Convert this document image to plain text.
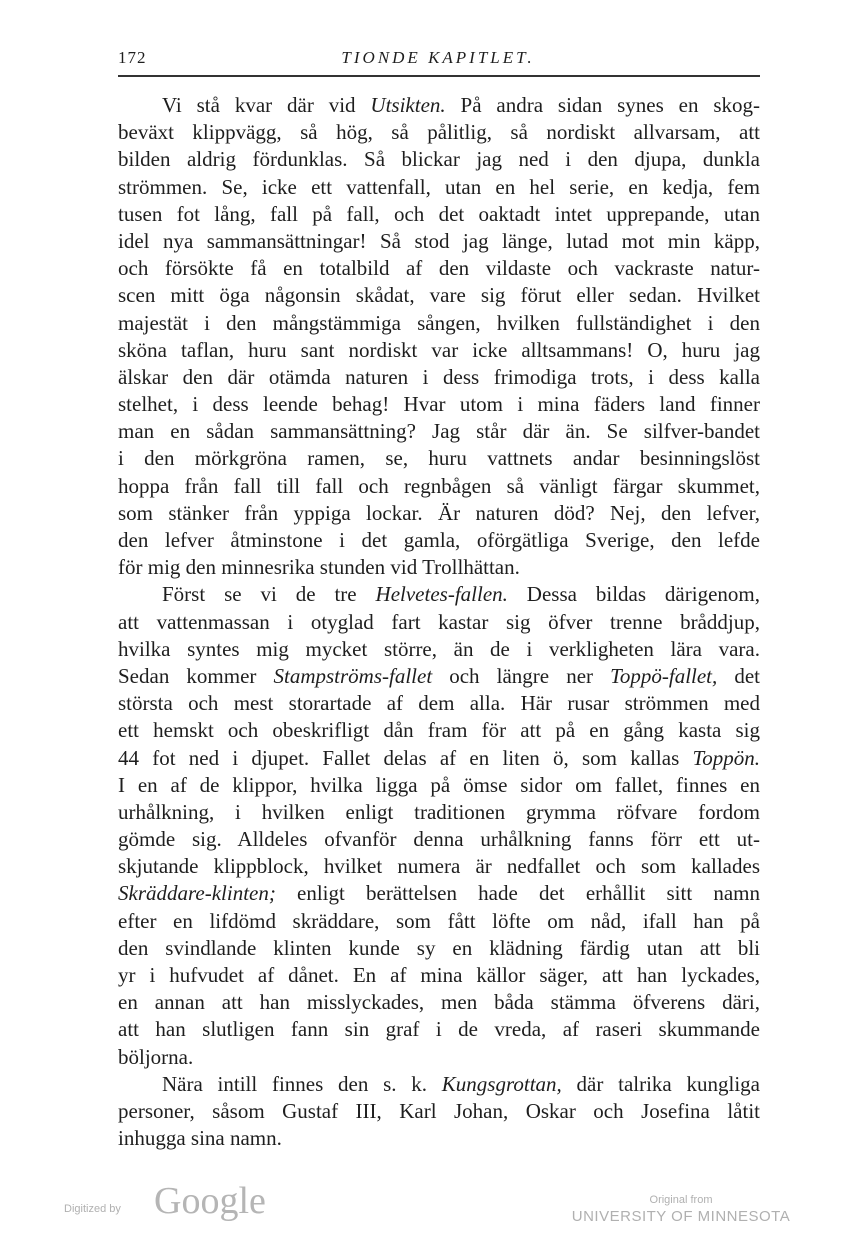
172	TIONDE KAPITLET.
Vi stå kvar där vid Utsikten. På andra sidan synes en skog-
beväxt klippvägg, så hög, så pålitlig, så nordiskt allvarsam, att
bilden aldrig fördunklas. Så blickar jag ned i den djupa, dunkla
strömmen. Se, icke ett vattenfall, utan en hel serie, en kedja, fem
tusen fot lång, fall på fall, och det oaktadt intet upprepande, utan
idel nya sammansättningar! Så stod jag länge, lutad mot min käpp,
och försökte få en totalbild af den vildaste och vackraste natur-
scen mitt öga någonsin skådat, vare sig förut eller sedan. Hvilket
majestät i den mångstämmiga sången, hvilken fullständighet i den
sköna taflan, huru sant nordiskt var icke alltsammans! O, huru jag
älskar den där otämda naturen i dess frimodiga trots, i dess kalla
stelhet, i dess leende behag! Hvar utom i mina fäders land finner
man en sådan sammansättning? Jag står där än. Se silfver-bandet
i den mörkgröna ramen, se, huru vattnets andar besinningslöst
hoppa från fall till fall och regnbågen så vänligt färgar skummet,
som stänker från yppiga lockar. Är naturen död? Nej, den lefver,
den lefver åtminstone i det gamla, oförgätliga Sverige, den lefde
för mig den minnesrika stunden vid Trollhättan.
Först se vi de tre Helvetes-fallen. Dessa bildas därigenom,
att vattenmassan i otyglad fart kastar sig öfver trenne bråddjup,
hvilka syntes mig mycket större, än de i verkligheten lära vara.
Sedan kommer Stampströms-fallet och längre ner Toppö-fallet, det
största och mest storartade af dem alla. Här rusar strömmen med
ett hemskt och obeskrifligt dån fram för att på en gång kasta sig
44 fot ned i djupet. Fallet delas af en liten ö, som kallas Toppön.
I en af de klippor, hvilka ligga på ömse sidor om fallet, finnes en
urhålkning, i hvilken enligt traditionen grymma röfvare fordom
gömde sig. Alldeles ofvanför denna urhålkning fanns förr ett ut-
skjutande klippblock, hvilket numera är nedfallet och som kallades
Skräddare-klinten; enligt berättelsen hade det erhållit sitt namn
efter en lifdömd skräddare, som fått löfte om nåd, ifall han på
den svindlande klinten kunde sy en klädning färdig utan att bli
yr i hufvudet af dånet. En af mina källor säger, att han lyckades,
en annan att han misslyckades, men båda stämma öfverens däri,
att han slutligen fann sin graf i de vreda, af raseri skummande
böljorna.
Nära intill finnes den s. k. Kungsgrottan, där talrika kungliga
personer, såsom Gustaf III, Karl Johan, Oskar och Josefina låtit
inhugga sina namn.
Digitized by Google	Original from
UNIVERSITY OF MINNESOTA
